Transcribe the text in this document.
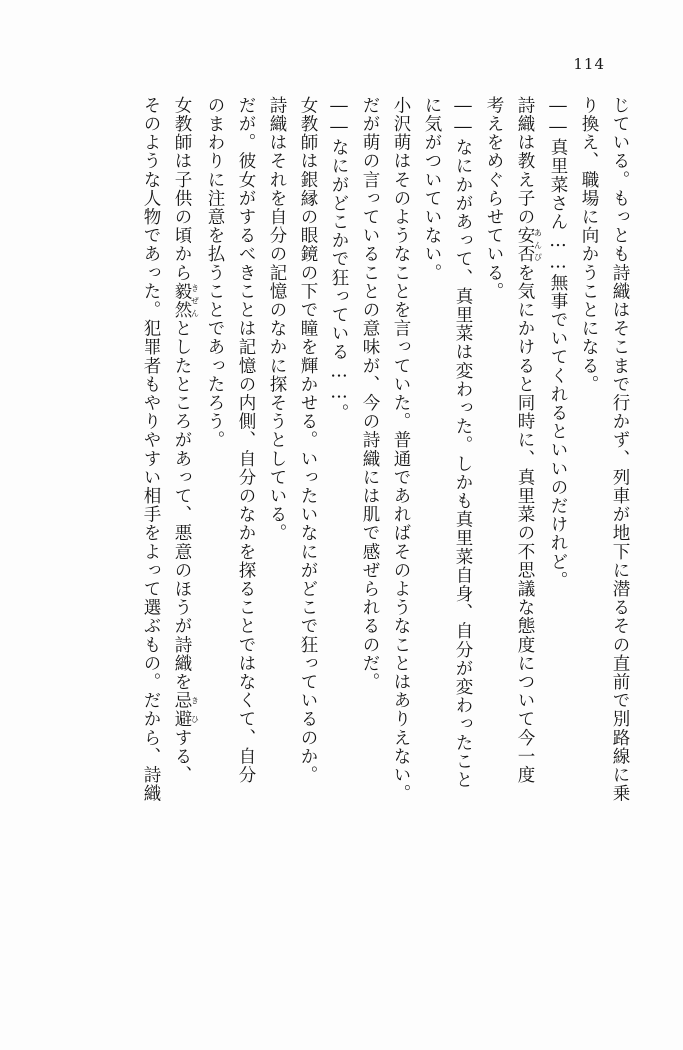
114
じている。もっとも詩織はそこまで行かず、列車が地下に潜るその直前で別路線に乗
り換え、職場に向かうことになる。
――真里菜さん……無事でいてくれるといいのだけれど。
詩織は教え子の安否あんぴを気にかけると同時に、真里菜の不思議な態度について今一度
考えをめぐらせている。
――なにかがあって、真里菜は変わった。しかも真里菜自身、自分が変わったこと
に気がついていない。
小沢萌はそのようなことを言っていた。普通であればそのようなことはありえない。
だが萌の言っていることの意味が、今の詩織には肌で感ぜられるのだ。
――なにがどこかで狂っている……。
女教師は銀縁の眼鏡の下で瞳を輝かせる。いったいなにがどこで狂っているのか。
詩織はそれを自分の記憶のなかに探そうとしている。
だが。彼女がするべきことは記憶の内側、自分のなかを探ることではなくて、自分
のまわりに注意を払うことであったろう。
女教師は子供の頃から毅然きぜんとしたところがあって、悪意のほうが詩織を忌避きひする、
そのような人物であった。犯罪者もやりやすい相手をよって選ぶもの。だから、詩織
